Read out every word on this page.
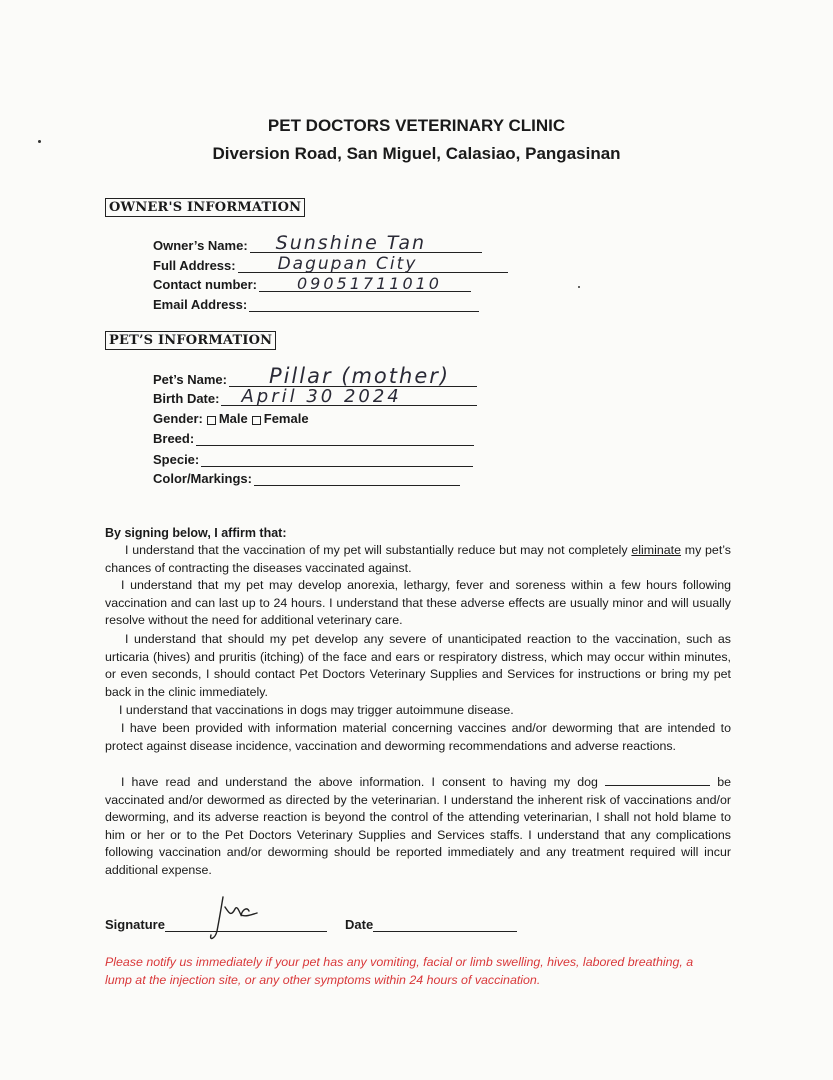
PET DOCTORS VETERINARY CLINIC
Diversion Road, San Miguel, Calasiao, Pangasinan
OWNER'S INFORMATION
Owner’s Name: Sunshine Tan
Full Address: Dagupan City
Contact number:	09051711010
Email Address:
PET’S INFORMATION
Pet’s Name: Pillar (mother)
Birth Date: April 30 2024
Gender: Male Female
Breed:
Specie:
Color/Markings:
By signing below, I affirm that:
I understand that the vaccination of my pet will substantially reduce but may not completely eliminate my pet’s chances of contracting the diseases vaccinated against.
I understand that my pet may develop anorexia, lethargy, fever and soreness within a few hours following vaccination and can last up to 24 hours. I understand that these adverse effects are usually minor and will usually resolve without the need for additional veterinary care.
I understand that should my pet develop any severe of unanticipated reaction to the vaccination, such as urticaria (hives) and pruritis (itching) of the face and ears or respiratory distress, which may occur within minutes, or even seconds, I should contact Pet Doctors Veterinary Supplies and Services for instructions or bring my pet back in the clinic immediately.
I understand that vaccinations in dogs may trigger autoimmune disease.
I have been provided with information material concerning vaccines and/or deworming that are intended to protect against disease incidence, vaccination and deworming recommendations and adverse reactions.
I have read and understand the above information. I consent to having my dog	be vaccinated and/or dewormed as directed by the veterinarian. I understand the inherent risk of vaccinations and/or deworming, and its adverse reaction is beyond the control of the attending veterinarian, I shall not hold blame to him or her or to the Pet Doctors Veterinary Supplies and Services staffs. I understand that any complications following vaccination and/or deworming should be reported immediately and any treatment required will incur additional expense.
Signature	Date
Please notify us immediately if your pet has any vomiting, facial or limb swelling, hives, labored breathing, a lump at the injection site, or any other symptoms within 24 hours of vaccination.
